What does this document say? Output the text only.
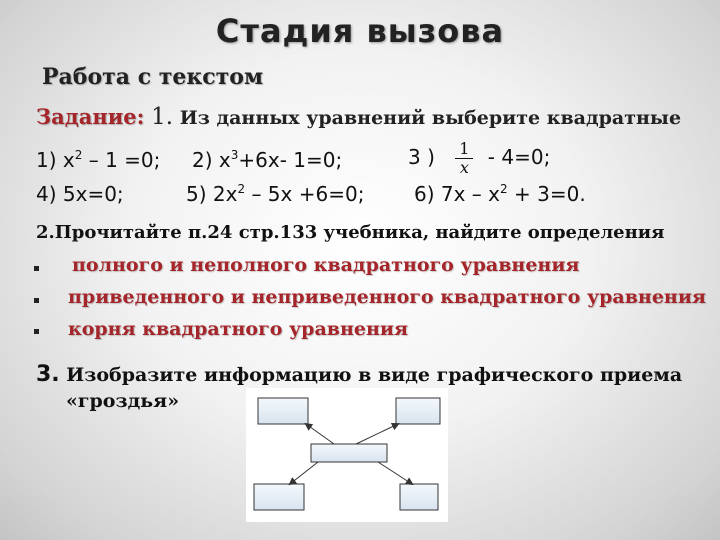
Стадия вызова
Работа с текстом
Задание: 1. Из данных уравнений выберите квадратные
1) $x^2 - 1 =0$; 2) $x^3+6x-$ 1=0;	3 ) $\frac{1}{x} - 4=0$;
4) 5x=0;	5) $2x^2 - 5x +6=0$; 6) $7x - x^2 + 3=0$.
2.Прочитайте п.24 стр.133 учебника, найдите определения
полного и неполного квадратного уравнения
приведенного и неприведенного квадратного уравнения
корня квадратного уравнения
3. Изобразите информацию в виде графического приема
«гроздья»
